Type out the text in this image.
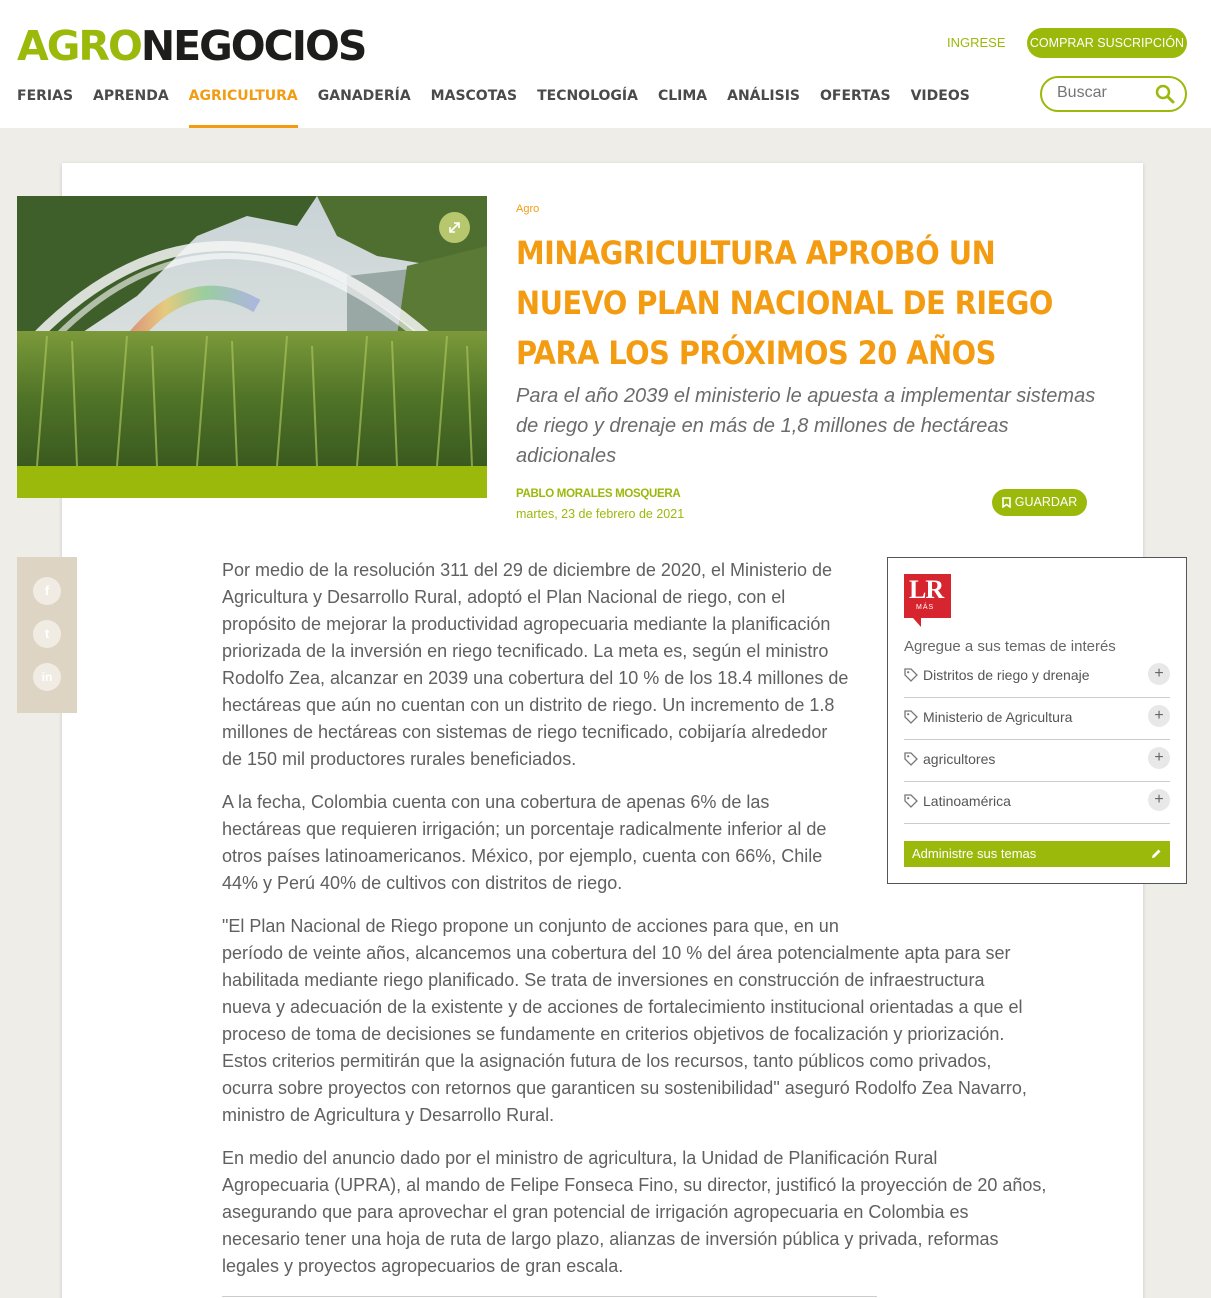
AGRONEGOCIOS	INGRESE COMPRAR SUSCRIPCIÓN
FERIAS APRENDA AGRICULTURA GANADERÍA MASCOTAS TECNOLOGÍA CLIMA ANÁLISIS OFERTAS VIDEOS
Buscar
Agro
MINAGRICULTURA APROBÓ UN NUEVO PLAN NACIONAL DE RIEGO PARA LOS PRÓXIMOS 20 AÑOS
Para el año 2039 el ministerio le apuesta a implementar sistemas de riego y drenaje en más de 1,8 millones de hectáreas adicionales
PABLO MORALES MOSQUERA
martes, 23 de febrero de 2021
GUARDAR
f
t
in
Por medio de la resolución 311 del 29 de diciembre de 2020, el Ministerio de
Agricultura y Desarrollo Rural, adoptó el Plan Nacional de riego, con el
propósito de mejorar la productividad agropecuaria mediante la planificación
priorizada de la inversión en riego tecnificado. La meta es, según el ministro
Rodolfo Zea, alcanzar en 2039 una cobertura del 10 % de los 18.4 millones de
hectáreas que aún no cuentan con un distrito de riego. Un incremento de 1.8
millones de hectáreas con sistemas de riego tecnificado, cobijaría alrededor
de 150 mil productores rurales beneficiados.
A la fecha, Colombia cuenta con una cobertura de apenas 6% de las
hectáreas que requieren irrigación; un porcentaje radicalmente inferior al de
otros países latinoamericanos. México, por ejemplo, cuenta con 66%, Chile
44% y Perú 40% de cultivos con distritos de riego.
"El Plan Nacional de Riego propone un conjunto de acciones para que, en un
período de veinte años, alcancemos una cobertura del 10 % del área potencialmente apta para ser
habilitada mediante riego planificado. Se trata de inversiones en construcción de infraestructura
nueva y adecuación de la existente y de acciones de fortalecimiento institucional orientadas a que el
proceso de toma de decisiones se fundamente en criterios objetivos de focalización y priorización.
Estos criterios permitirán que la asignación futura de los recursos, tanto públicos como privados,
ocurra sobre proyectos con retornos que garanticen su sostenibilidad" aseguró Rodolfo Zea Navarro,
ministro de Agricultura y Desarrollo Rural.
En medio del anuncio dado por el ministro de agricultura, la Unidad de Planificación Rural
Agropecuaria (UPRA), al mando de Felipe Fonseca Fino, su director, justificó la proyección de 20 años,
asegurando que para aprovechar el gran potencial de irrigación agropecuaria en Colombia es
necesario tener una hoja de ruta de largo plazo, alianzas de inversión pública y privada, reformas
legales y proyectos agropecuarios de gran escala.
LR
MÁS
Agregue a sus temas de interés
Distritos de riego y drenaje	+
Ministerio de Agricultura	+
agricultores	+
Latinoamérica	+
Administre sus temas
